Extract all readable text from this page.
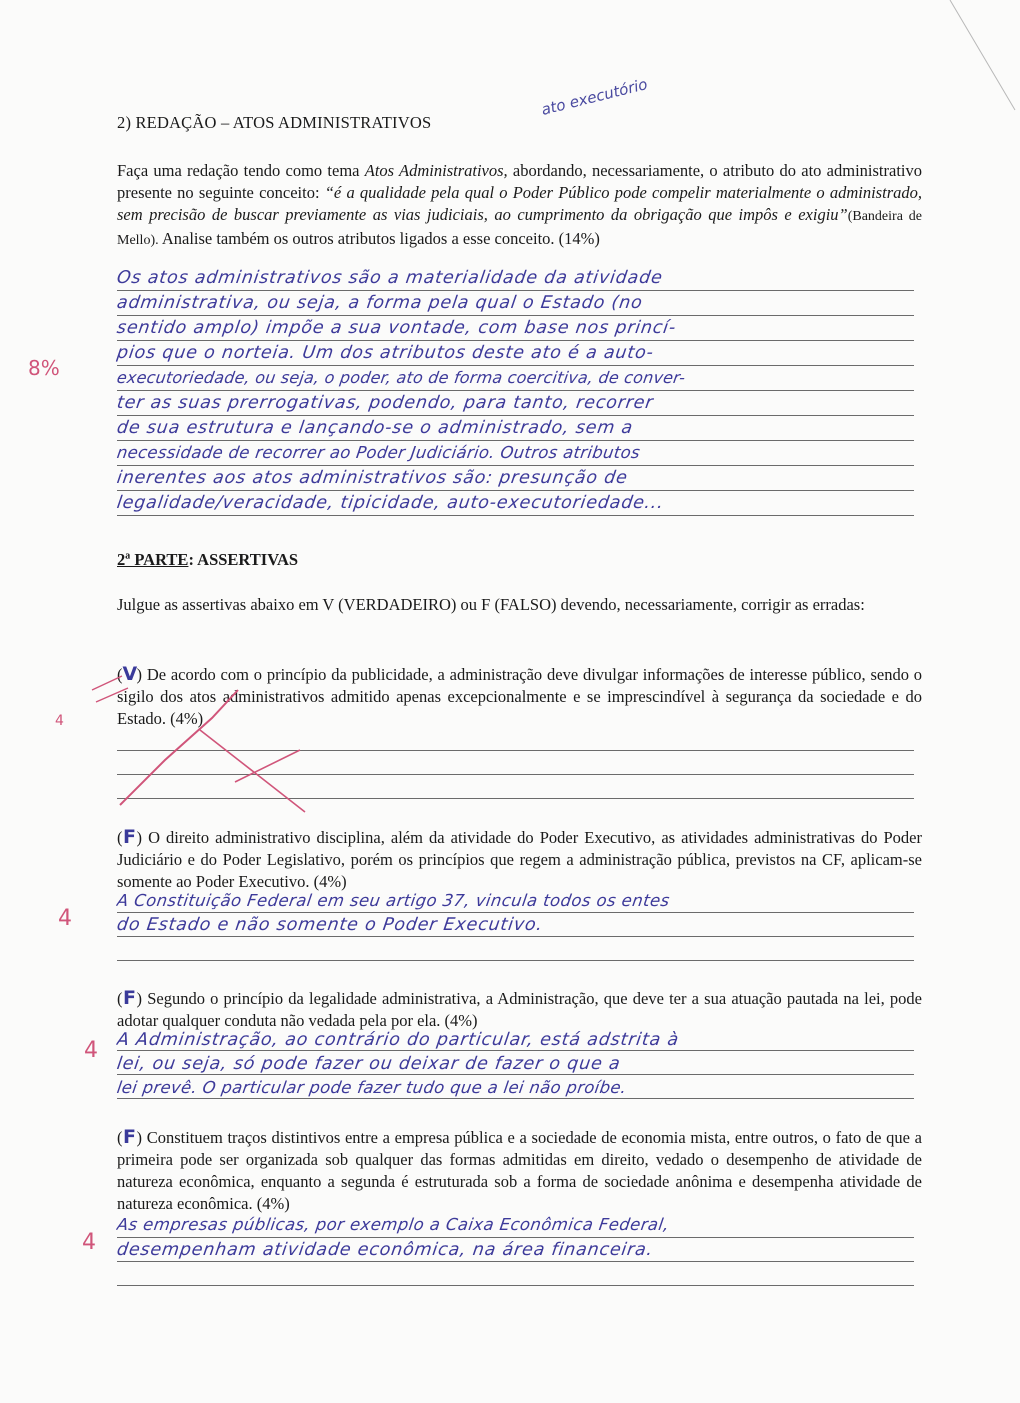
2) REDAÇÃO – ATOS ADMINISTRATIVOS
ato executório
Faça uma redação tendo como tema Atos Administrativos, abordando, necessariamente, o atributo do ato administrativo presente no seguinte conceito: “é a qualidade pela qual o Poder Público pode compelir materialmente o administrado, sem precisão de buscar previamente as vias judiciais, ao cumprimento da obrigação que impôs e exigiu”(Bandeira de Mello). Analise também os outros atributos ligados a esse conceito. (14%)
8%
Os atos administrativos são a materialidade da atividade
administrativa, ou seja, a forma pela qual o Estado (no
sentido amplo) impõe a sua vontade, com base nos princí-
pios que o norteia. Um dos atributos deste ato é a auto-
executoriedade, ou seja, o poder, ato de forma coercitiva, de conver-
ter as suas prerrogativas, podendo, para tanto, recorrer
de sua estrutura e lançando-se o administrado, sem a
necessidade de recorrer ao Poder Judiciário. Outros atributos
inerentes aos atos administrativos são: presunção de
legalidade/veracidade, tipicidade, auto-executoriedade...
2ª PARTE: ASSERTIVAS
Julgue as assertivas abaixo em V (VERDADEIRO) ou F (FALSO) devendo, necessariamente, corrigir as erradas:
(V) De acordo com o princípio da publicidade, a administração deve divulgar informações de interesse público, sendo o sigilo dos atos administrativos admitido apenas excepcionalmente e se imprescindível à segurança da sociedade e do Estado. (4%)
4
(F) O direito administrativo disciplina, além da atividade do Poder Executivo, as atividades administrativas do Poder Judiciário e do Poder Legislativo, porém os princípios que regem a administração pública, previstos na CF, aplicam-se somente ao Poder Executivo. (4%)
4
A Constituição Federal em seu artigo 37, vincula todos os entes
do Estado e não somente o Poder Executivo.
(F) Segundo o princípio da legalidade administrativa, a Administração, que deve ter a sua atuação pautada na lei, pode adotar qualquer conduta não vedada pela por ela. (4%)
4 A Administração, ao contrário do particular, está adstrita à
lei, ou seja, só pode fazer ou deixar de fazer o que a
lei prevê. O particular pode fazer tudo que a lei não proíbe.
(F) Constituem traços distintivos entre a empresa pública e a sociedade de economia mista, entre outros, o fato de que a primeira pode ser organizada sob qualquer das formas admitidas em direito, vedado o desempenho de atividade de natureza econômica, enquanto a segunda é estruturada sob a forma de sociedade anônima e desempenha atividade de natureza econômica. (4%)
4
As empresas públicas, por exemplo a Caixa Econômica Federal,
desempenham atividade econômica, na área financeira.
